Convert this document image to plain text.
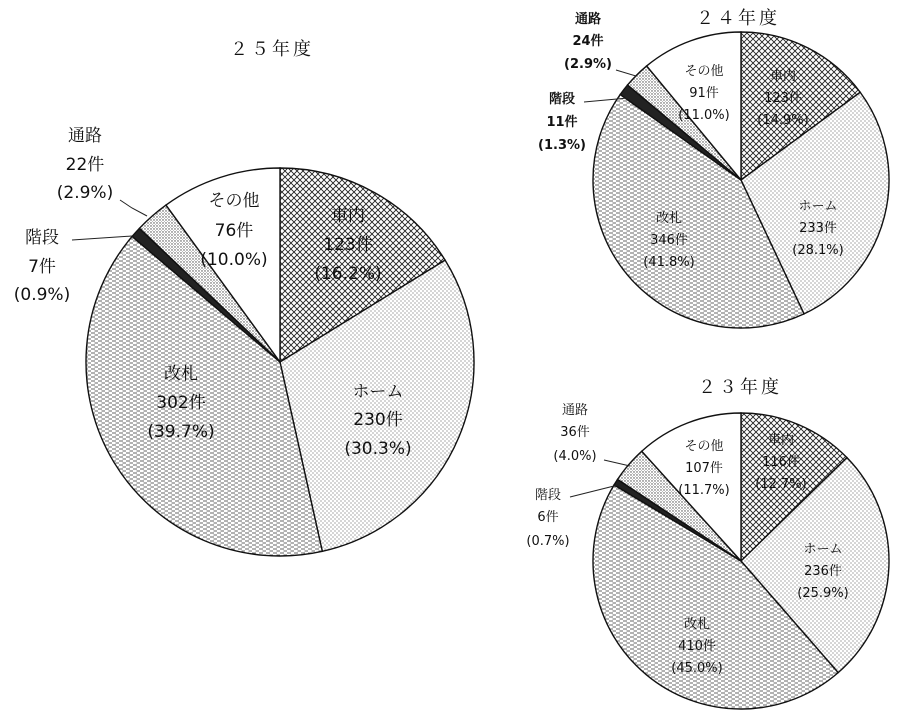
２５年度
車内
123件
(16.2%)
ホーム
230件
(30.3%)
改札
302件
(39.7%)
その他
76件
(10.0%)
通路
22件
(2.9%)
階段
7件
(0.9%)
２４年度
車内
123件
(14.9%)
ホーム
233件
(28.1%)
改札
346件
(41.8%)
その他
91件
(11.0%)
通路
24件
(2.9%)
階段
11件
(1.3%)
２３年度
車内
116件
(12.7%)
ホーム
236件
(25.9%)
改札
410件
(45.0%)
その他
107件
(11.7%)
通路
36件
(4.0%)
階段
6件
(0.7%)
